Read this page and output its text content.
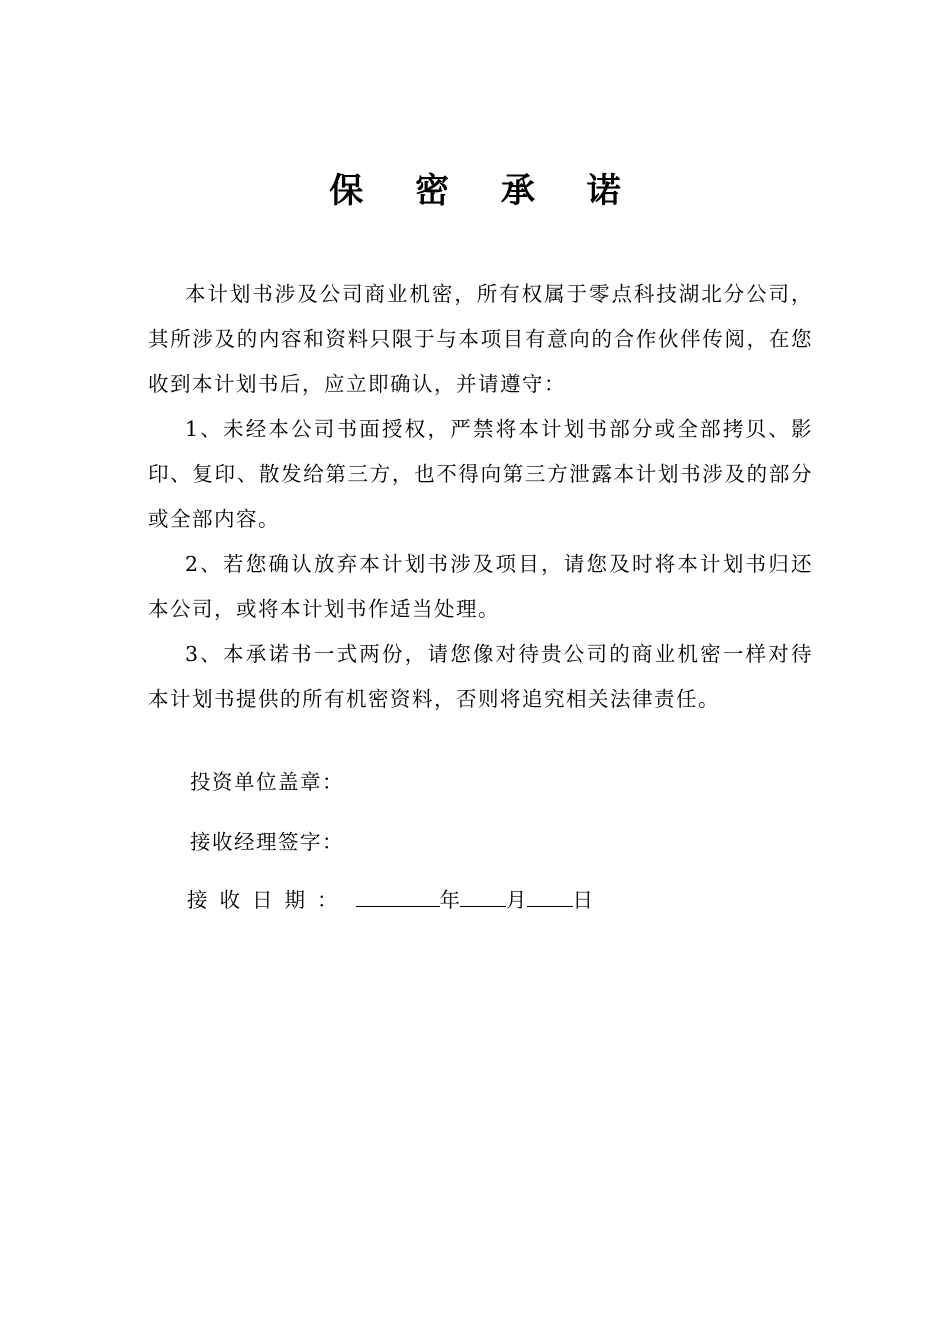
保 密 承 诺

本计划书涉及公司商业机密，所有权属于零点科技湖北分公司，其所涉及的内容和资料只限于与本项目有意向的合作伙伴传阅，在您收到本计划书后，应立即确认，并请遵守：

1、未经本公司书面授权，严禁将本计划书部分或全部拷贝、影印、复印、散发给第三方，也不得向第三方泄露本计划书涉及的部分或全部内容。

2、若您确认放弃本计划书涉及项目，请您及时将本计划书归还本公司，或将本计划书作适当处理。

3、本承诺书一式两份，请您像对待贵公司的商业机密一样对待本计划书提供的所有机密资料，否则将追究相关法律责任。

投资单位盖章：
接收经理签字：
接收日期：	年 月 日
